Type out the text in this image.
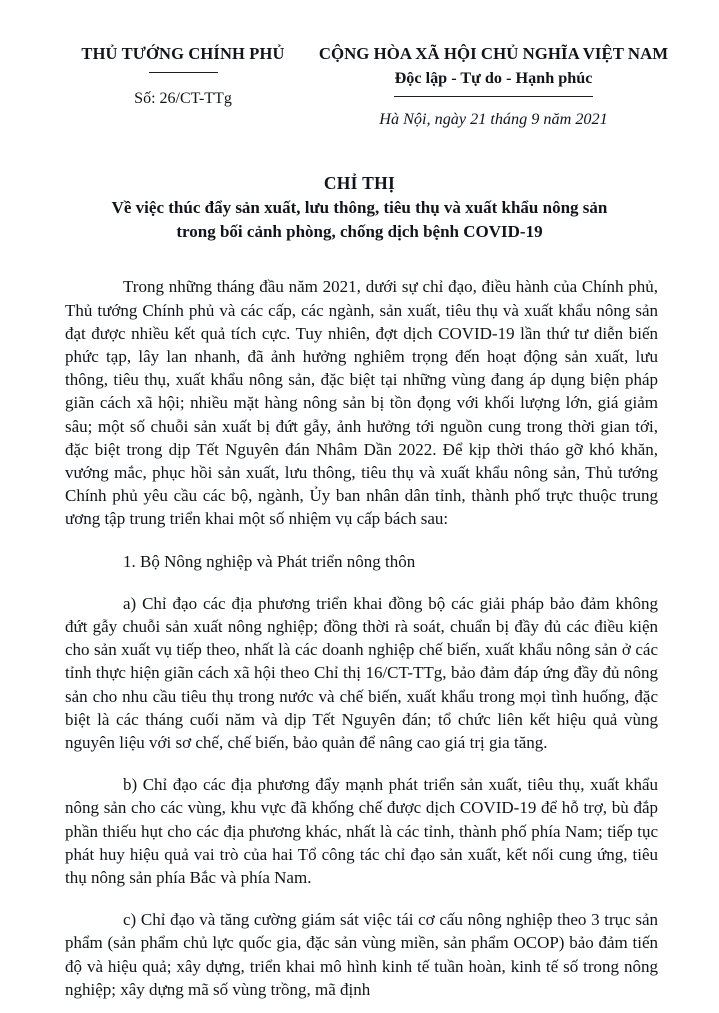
THỦ TƯỚNG CHÍNH PHỦ
Số: 26/CT-TTg
CỘNG HÒA XÃ HỘI CHỦ NGHĨA VIỆT NAM
Độc lập - Tự do - Hạnh phúc
Hà Nội, ngày 21 tháng 9 năm 2021
CHỈ THỊ
Về việc thúc đẩy sản xuất, lưu thông, tiêu thụ và xuất khẩu nông sản
trong bối cảnh phòng, chống dịch bệnh COVID-19

Trong những tháng đầu năm 2021, dưới sự chỉ đạo, điều hành của Chính phủ, Thủ tướng Chính phủ và các cấp, các ngành, sản xuất, tiêu thụ và xuất khẩu nông sản đạt được nhiều kết quả tích cực. Tuy nhiên, đợt dịch COVID-19 lần thứ tư diễn biến phức tạp, lây lan nhanh, đã ảnh hưởng nghiêm trọng đến hoạt động sản xuất, lưu thông, tiêu thụ, xuất khẩu nông sản, đặc biệt tại những vùng đang áp dụng biện pháp giãn cách xã hội; nhiều mặt hàng nông sản bị tồn đọng với khối lượng lớn, giá giảm sâu; một số chuỗi sản xuất bị đứt gẫy, ảnh hưởng tới nguồn cung trong thời gian tới, đặc biệt trong dịp Tết Nguyên đán Nhâm Dần 2022. Để kịp thời tháo gỡ khó khăn, vướng mắc, phục hồi sản xuất, lưu thông, tiêu thụ và xuất khẩu nông sản, Thủ tướng Chính phủ yêu cầu các bộ, ngành, Ủy ban nhân dân tỉnh, thành phố trực thuộc trung ương tập trung triển khai một số nhiệm vụ cấp bách sau:

1. Bộ Nông nghiệp và Phát triển nông thôn

a) Chỉ đạo các địa phương triển khai đồng bộ các giải pháp bảo đảm không đứt gẫy chuỗi sản xuất nông nghiệp; đồng thời rà soát, chuẩn bị đầy đủ các điều kiện cho sản xuất vụ tiếp theo, nhất là các doanh nghiệp chế biến, xuất khẩu nông sản ở các tỉnh thực hiện giãn cách xã hội theo Chỉ thị 16/CT-TTg, bảo đảm đáp ứng đầy đủ nông sản cho nhu cầu tiêu thụ trong nước và chế biến, xuất khẩu trong mọi tình huống, đặc biệt là các tháng cuối năm và dịp Tết Nguyên đán; tổ chức liên kết hiệu quả vùng nguyên liệu với sơ chế, chế biến, bảo quản để nâng cao giá trị gia tăng.

b) Chỉ đạo các địa phương đẩy mạnh phát triển sản xuất, tiêu thụ, xuất khẩu nông sản cho các vùng, khu vực đã khống chế được dịch COVID-19 để hỗ trợ, bù đắp phần thiếu hụt cho các địa phương khác, nhất là các tỉnh, thành phố phía Nam; tiếp tục phát huy hiệu quả vai trò của hai Tổ công tác chỉ đạo sản xuất, kết nối cung ứng, tiêu thụ nông sản phía Bắc và phía Nam.

c) Chỉ đạo và tăng cường giám sát việc tái cơ cấu nông nghiệp theo 3 trục sản phẩm (sản phẩm chủ lực quốc gia, đặc sản vùng miền, sản phẩm OCOP) bảo đảm tiến độ và hiệu quả; xây dựng, triển khai mô hình kinh tế tuần hoàn, kinh tế số trong nông nghiệp; xây dựng mã số vùng trồng, mã định
